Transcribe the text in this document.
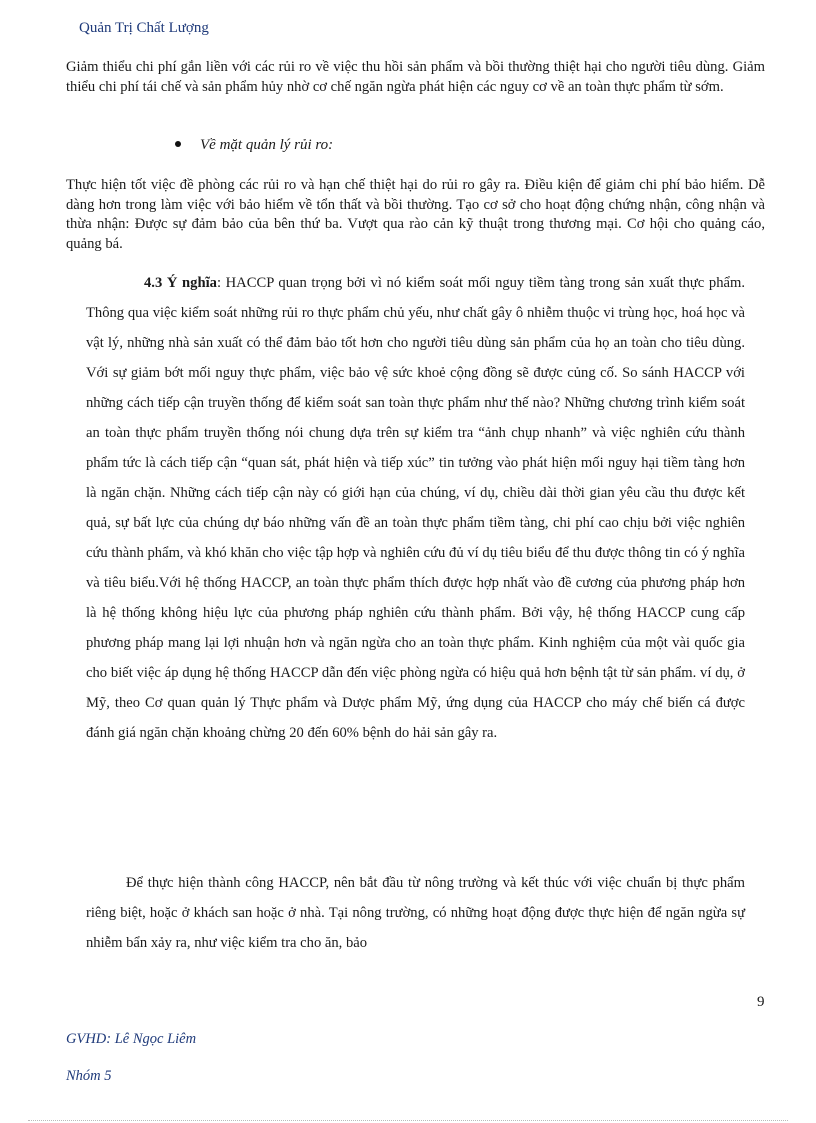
Quản Trị Chất Lượng

Giảm thiểu chi phí gắn liền với các rủi ro về việc thu hồi sản phẩm và bồi thường thiệt hại cho người tiêu dùng. Giảm thiểu chi phí tái chế và sản phẩm hủy nhờ cơ chế ngăn ngừa phát hiện các nguy cơ về an toàn thực phẩm từ sớm.

Về mặt quản lý rủi ro:

Thực hiện tốt việc đề phòng các rủi ro và hạn chế thiệt hại do rủi ro gây ra. Điều kiện để giảm chi phí bảo hiểm. Dễ dàng hơn trong làm việc với bảo hiểm về tổn thất và bồi thường. Tạo cơ sở cho hoạt động chứng nhận, công nhận và thừa nhận: Được sự đảm bảo của bên thứ ba. Vượt qua rào cản kỹ thuật trong thương mại. Cơ hội cho quảng cáo, quảng bá.

4.3 Ý nghĩa: HACCP quan trọng bởi vì nó kiểm soát mối nguy tiềm tàng trong sản xuất thực phẩm. Thông qua việc kiểm soát những rủi ro thực phẩm chủ yếu, như chất gây ô nhiễm thuộc vi trùng học, hoá học và vật lý, những nhà sản xuất có thể đảm bảo tốt hơn cho người tiêu dùng sản phẩm của họ an toàn cho tiêu dùng. Với sự giảm bớt mối nguy thực phẩm, việc bảo vệ sức khoẻ cộng đồng sẽ được củng cố. So sánh HACCP với những cách tiếp cận truyền thống để kiểm soát san toàn thực phẩm như thế nào? Những chương trình kiểm soát an toàn thực phẩm truyền thống nói chung dựa trên sự kiểm tra “ảnh chụp nhanh” và việc nghiên cứu thành phẩm tức là cách tiếp cận “quan sát, phát hiện và tiếp xúc” tin tưởng vào phát hiện mối nguy hại tiềm tàng hơn là ngăn chặn. Những cách tiếp cận này có giới hạn của chúng, ví dụ, chiều dài thời gian yêu cầu thu được kết quả, sự bất lực của chúng dự báo những vấn đề an toàn thực phẩm tiềm tàng, chi phí cao chịu bởi việc nghiên cứu thành phẩm, và khó khăn cho việc tập hợp và nghiên cứu đủ ví dụ tiêu biểu để thu được thông tin có ý nghĩa và tiêu biểu.Với hệ thống HACCP, an toàn thực phẩm thích được hợp nhất vào đề cương của phương pháp hơn là hệ thống không hiệu lực của phương pháp nghiên cứu thành phẩm. Bởi vậy, hệ thống HACCP cung cấp phương pháp mang lại lợi nhuận hơn và ngăn ngừa cho an toàn thực phẩm. Kinh nghiệm của một vài quốc gia cho biết việc áp dụng hệ thống HACCP dẫn đến việc phòng ngừa có hiệu quả hơn bệnh tật từ sản phẩm. ví dụ, ở Mỹ, theo Cơ quan quản lý Thực phẩm và Dược phẩm Mỹ, ứng dụng của HACCP cho máy chế biến cá được đánh giá ngăn chặn khoảng chừng 20 đến 60% bệnh do hải sản gây ra.

Để thực hiện thành công HACCP, nên bắt đầu từ nông trường và kết thúc với việc chuẩn bị thực phẩm riêng biệt, hoặc ở khách san hoặc ở nhà. Tại nông trường, có những hoạt động được thực hiện để ngăn ngừa sự nhiễm bẩn xảy ra, như việc kiểm tra cho ăn, bảo

9
GVHD: Lê Ngọc Liêm
Nhóm 5
